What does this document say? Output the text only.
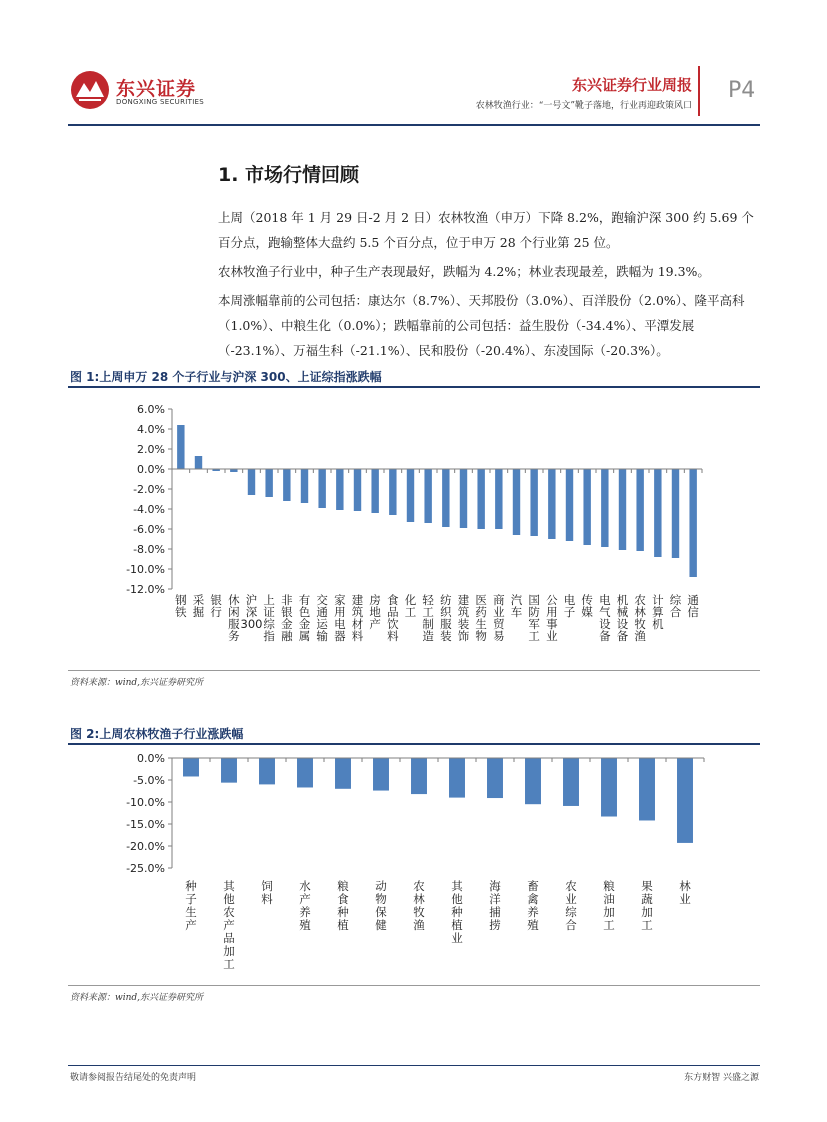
东兴证券
DONGXING SECURITIES
东兴证券行业周报
农林牧渔行业：“一号文”靴子落地，行业再迎政策风口
P4
1. 市场行情回顾
上周（2018 年 1 月 29 日-2 月 2 日）农林牧渔（申万）下降 8.2%，跑输沪深 300 约 5.69 个百分点，跑输整体大盘约 5.5 个百分点，位于申万 28 个行业第 25 位。
农林牧渔子行业中，种子生产表现最好，跌幅为 4.2%；林业表现最差，跌幅为 19.3%。
本周涨幅靠前的公司包括：康达尔（8.7%）、天邦股份（3.0%）、百洋股份（2.0%）、隆平高科（1.0%）、中粮生化（0.0%）；跌幅靠前的公司包括：益生股份（-34.4%）、平潭发展（-23.1%）、万福生科（-21.1%）、民和股份（-20.4%）、东凌国际（-20.3%）。
图 1:上周申万 28 个子行业与沪深 300、上证综指涨跌幅
6.0%
4.0%
2.0%
0.0%
-2.0%
-4.0%
-6.0%
-8.0%
-10.0%
-12.0%
钢铁
采掘
银行
休闲服务
沪深 300
上证综指
非银金融
有色金属
交通运输
家用电器
建筑材料
房地产
食品饮料
化工
轻工制造
纺织服装
建筑装饰
医药生物
商业贸易
汽车
国防军工
公用事业
电子
传媒
电气设备
机械设备
农林牧渔
计算机
综合
通信
资料来源：wind,东兴证券研究所
图 2:上周农林牧渔子行业涨跌幅
0.0%
-5.0%
-10.0%
-15.0%
-20.0%
-25.0%
种子生产
其他农产品加工
饲料
水产养殖
粮食种植
动物保健
农林牧渔
其他种植业
海洋捕捞
畜禽养殖
农业综合
粮油加工
果蔬加工
林业
资料来源：wind,东兴证券研究所
敬请参阅报告结尾处的免责声明	东方财智 兴盛之源
